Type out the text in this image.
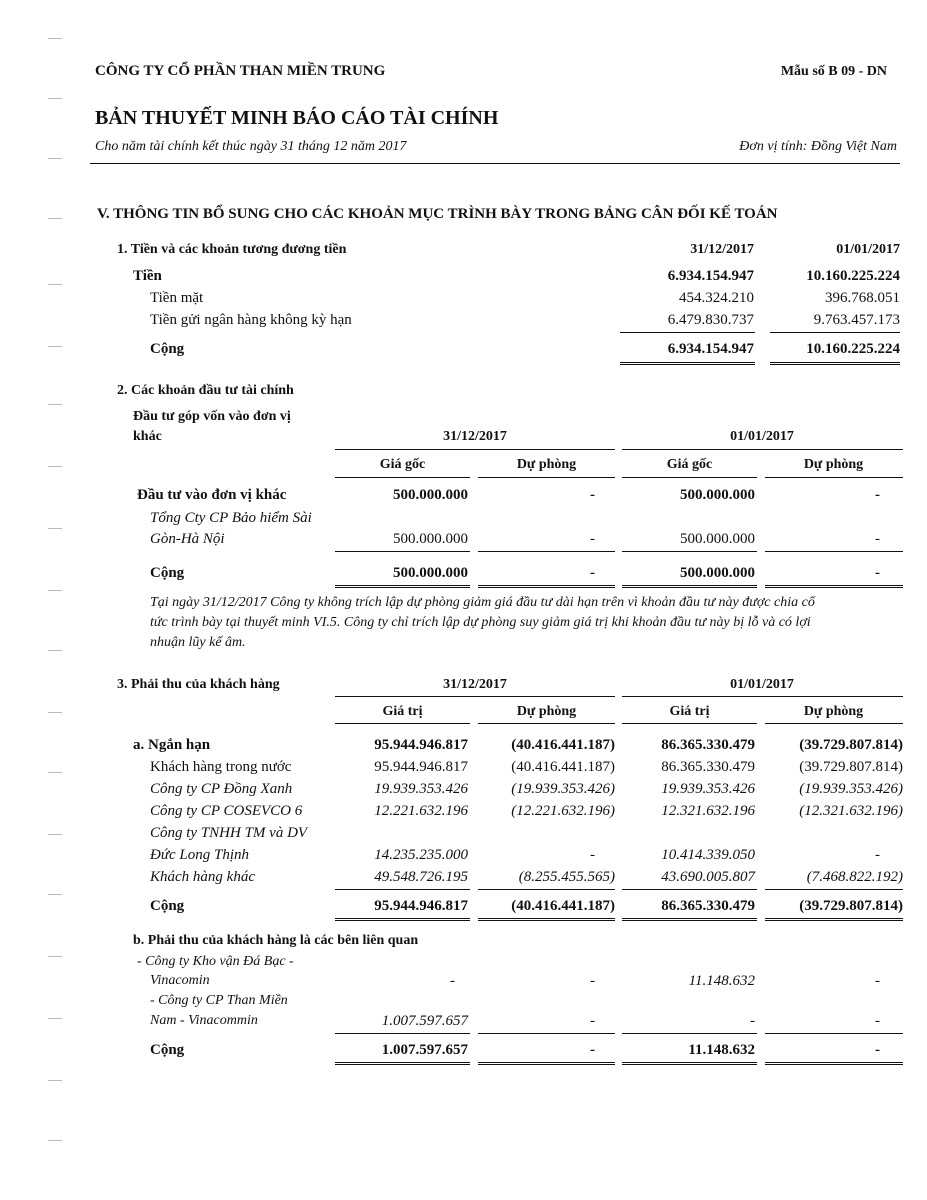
CÔNG TY CỔ PHẦN THAN MIỀN TRUNG	Mẫu số B 09 - DN
BẢN THUYẾT MINH BÁO CÁO TÀI CHÍNH
Cho năm tài chính kết thúc ngày 31 tháng 12 năm 2017	Đơn vị tính: Đồng Việt Nam
V. THÔNG TIN BỔ SUNG CHO CÁC KHOẢN MỤC TRÌNH BÀY TRONG BẢNG CÂN ĐỐI KẾ TOÁN
1. Tiền và các khoản tương đương tiền	31/12/2017	01/01/2017
Tiền	6.934.154.947	10.160.225.224
Tiền mặt	454.324.210	396.768.051
Tiền gửi ngân hàng không kỳ hạn	6.479.830.737	9.763.457.173
Cộng	6.934.154.947	10.160.225.224
2. Các khoản đầu tư tài chính
Đầu tư góp vốn vào đơn vị
khác	31/12/2017	01/01/2017
Giá gốc	Dự phòng	Giá gốc	Dự phòng
Đầu tư vào đơn vị khác	500.000.000	-	500.000.000	-
Tổng Cty CP Bảo hiểm Sài
Gòn-Hà Nội	500.000.000	-	500.000.000	-
Cộng	500.000.000	-	500.000.000	-
Tại ngày 31/12/2017 Công ty không trích lập dự phòng giảm giá đầu tư dài hạn trên vì khoản đầu tư này được chia cổ
tức trình bày tại thuyết minh VI.5. Công ty chỉ trích lập dự phòng suy giảm giá trị khi khoản đầu tư này bị lỗ và có lợi
nhuận lũy kế âm.
3. Phải thu của khách hàng	31/12/2017	01/01/2017
Giá trị	Dự phòng	Giá trị	Dự phòng
a. Ngắn hạn	95.944.946.817	(40.416.441.187)	86.365.330.479	(39.729.807.814)
Khách hàng trong nước	95.944.946.817	(40.416.441.187)	86.365.330.479	(39.729.807.814)
Công ty CP Đồng Xanh	19.939.353.426	(19.939.353.426)	19.939.353.426	(19.939.353.426)
Công ty CP COSEVCO 6	12.221.632.196	(12.221.632.196)	12.321.632.196	(12.321.632.196)
Công ty TNHH TM và DV
Đức Long Thịnh	14.235.235.000	-	10.414.339.050	-
Khách hàng khác	49.548.726.195	(8.255.455.565)	43.690.005.807	(7.468.822.192)
Cộng	95.944.946.817	(40.416.441.187)	86.365.330.479	(39.729.807.814)
b. Phải thu của khách hàng là các bên liên quan
- Công ty Kho vận Đá Bạc -
Vinacomin	-	-	11.148.632	-
- Công ty CP Than Miền
Nam - Vinacommin	1.007.597.657	-	-	-
Cộng	1.007.597.657	-	11.148.632	-
